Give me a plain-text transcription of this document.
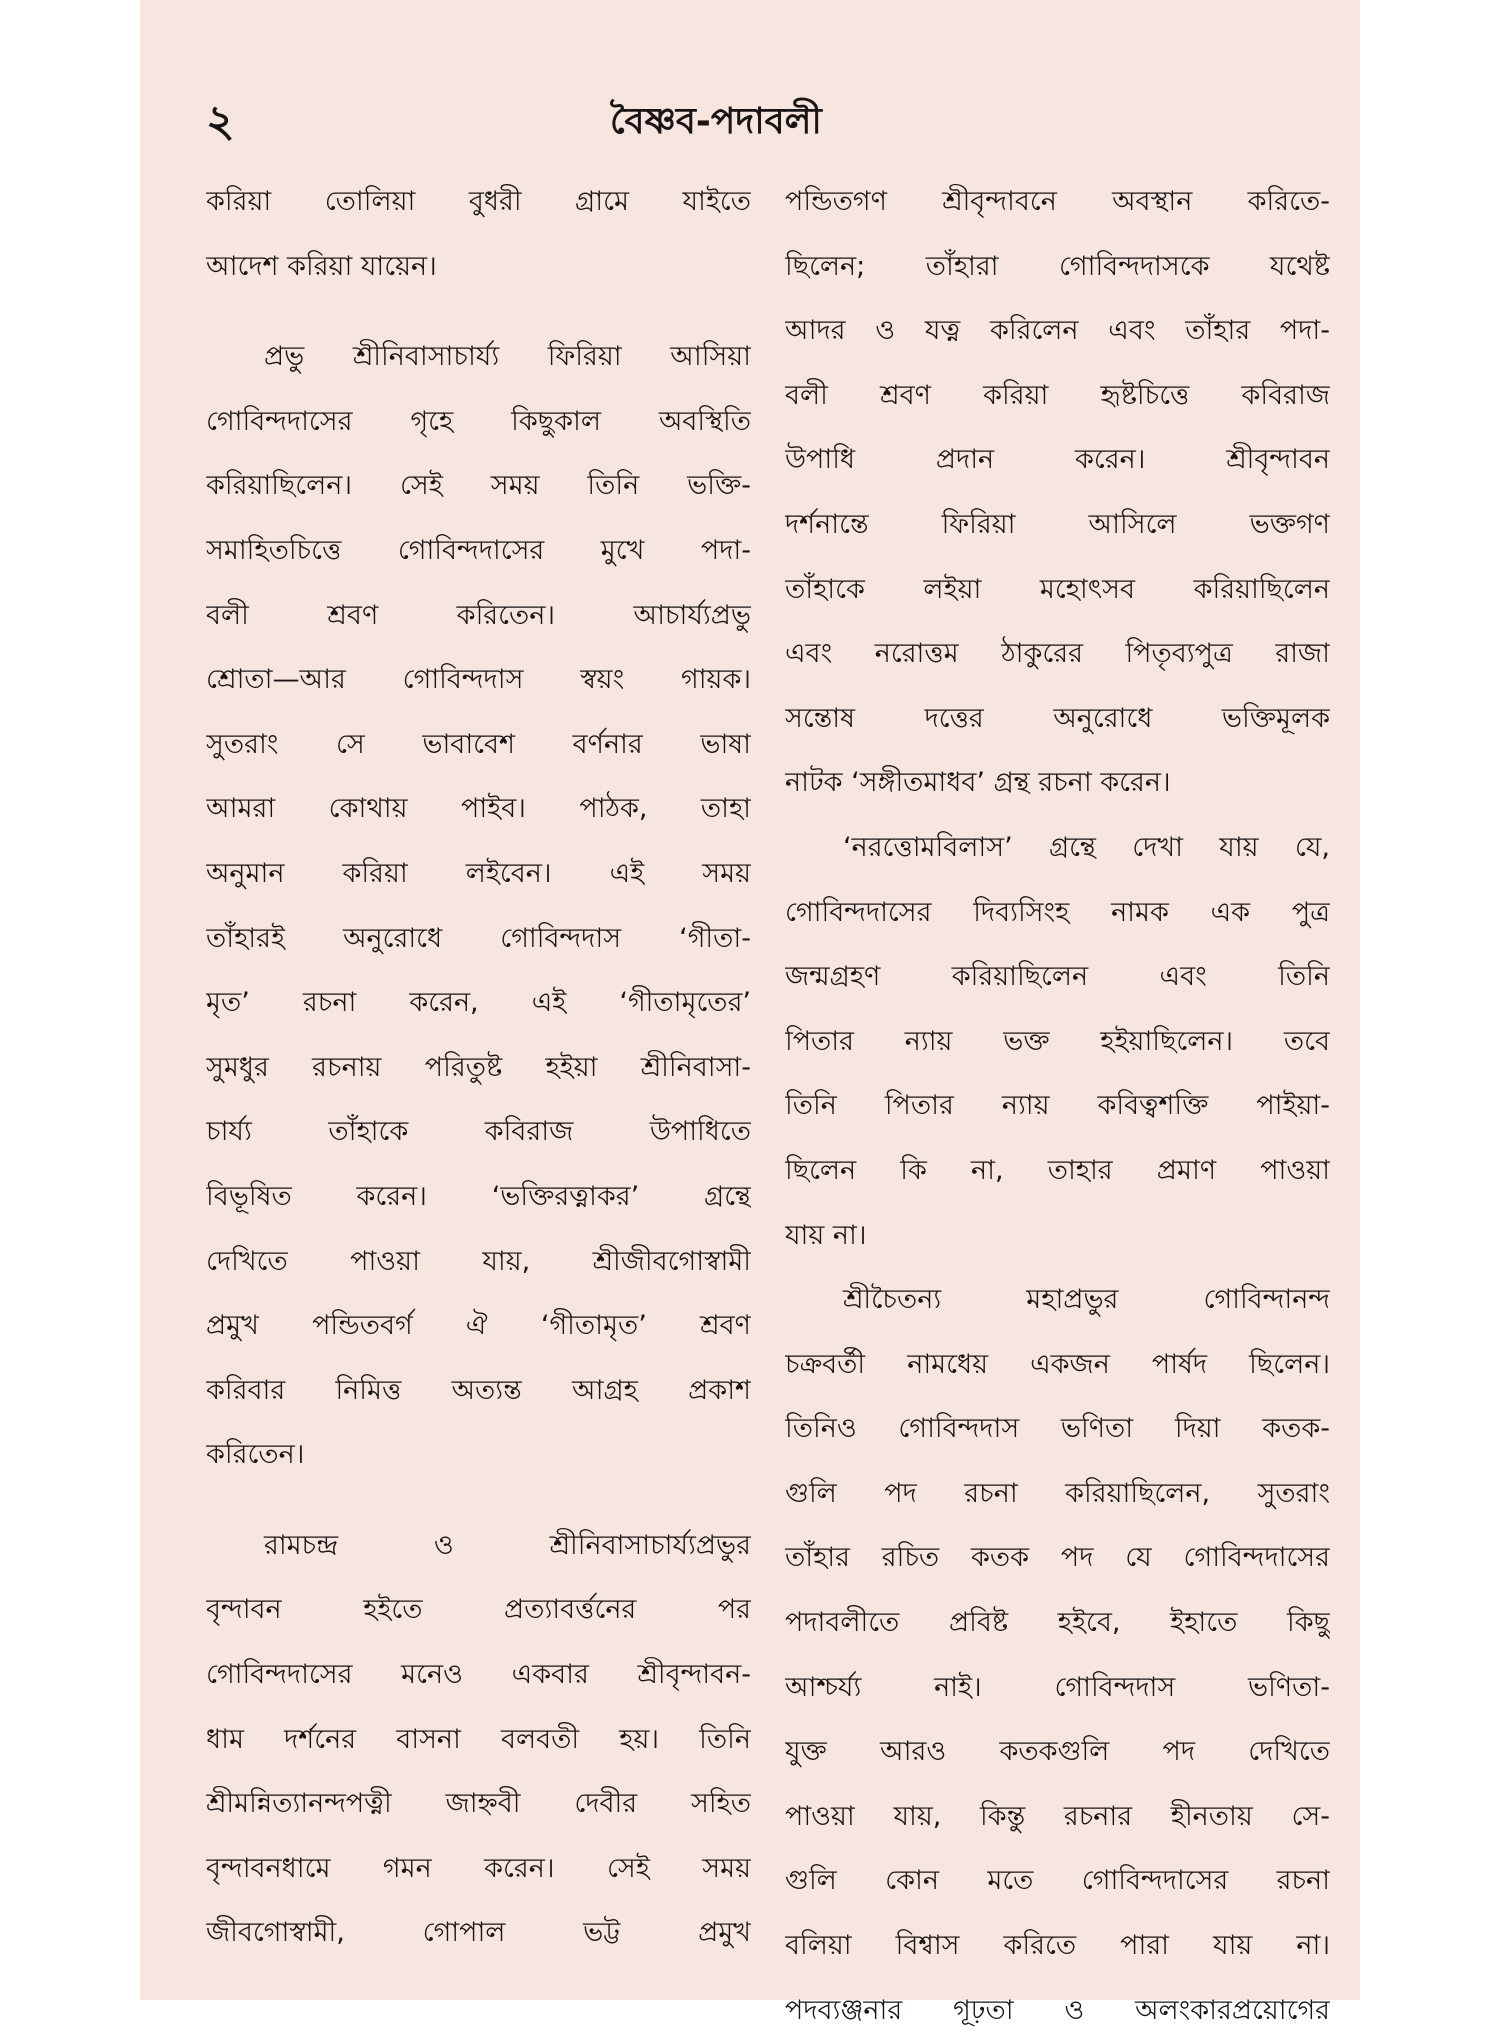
২	বৈষ্ণব-পদাবলী
করিয়া তোলিয়া বুধরী গ্রামে যাইতে
আদেশ করিয়া যায়েন।
প্রভু শ্রীনিবাসাচার্য্য ফিরিয়া আসিয়া
গোবিন্দদাসের গৃহে কিছুকাল অবস্থিতি
করিয়াছিলেন। সেই সময় তিনি ভক্তি-
সমাহিতচিত্তে গোবিন্দদাসের মুখে পদা-
বলী শ্রবণ করিতেন। আচার্য্যপ্রভু
শ্রোতা—আর গোবিন্দদাস স্বয়ং গায়ক।
সুতরাং সে ভাবাবেশ বর্ণনার ভাষা
আমরা কোথায় পাইব। পাঠক, তাহা
অনুমান করিয়া লইবেন। এই সময়
তাঁহারই অনুরোধে গোবিন্দদাস ‘গীতা-
মৃত’ রচনা করেন, এই ‘গীতামৃতের’
সুমধুর রচনায় পরিতুষ্ট হইয়া শ্রীনিবাসা-
চার্য্য তাঁহাকে কবিরাজ উপাধিতে
বিভূষিত করেন। ‘ভক্তিরত্নাকর’ গ্রন্থে
দেখিতে পাওয়া যায়, শ্রীজীবগোস্বামী
প্রমুখ পন্ডিতবর্গ ঐ ‘গীতামৃত’ শ্রবণ
করিবার নিমিত্ত অত্যন্ত আগ্রহ প্রকাশ
করিতেন।
রামচন্দ্র ও শ্রীনিবাসাচার্য্যপ্রভুর
বৃন্দাবন হইতে প্রত্যাবর্ত্তনের পর
গোবিন্দদাসের মনেও একবার শ্রীবৃন্দাবন-
ধাম দর্শনের বাসনা বলবতী হয়। তিনি
শ্রীমন্নিত্যানন্দপত্নী জাহ্নবী দেবীর সহিত
বৃন্দাবনধামে গমন করেন। সেই সময়
জীবগোস্বামী, গোপাল ভট্ট প্রমুখ
পন্ডিতগণ শ্রীবৃন্দাবনে অবস্থান করিতে-
ছিলেন; তাঁহারা গোবিন্দদাসকে যথেষ্ট
আদর ও যত্ন করিলেন এবং তাঁহার পদা-
বলী শ্রবণ করিয়া হৃষ্টচিত্তে কবিরাজ
উপাধি প্রদান করেন। শ্রীবৃন্দাবন
দর্শনান্তে ফিরিয়া আসিলে ভক্তগণ
তাঁহাকে লইয়া মহোৎসব করিয়াছিলেন
এবং নরোত্তম ঠাকুরের পিতৃব্যপুত্র রাজা
সন্তোষ দত্তের অনুরোধে ভক্তিমূলক
নাটক ‘সঙ্গীতমাধব’ গ্রন্থ রচনা করেন।
‘নরত্তোমবিলাস’ গ্রন্থে দেখা যায় যে,
গোবিন্দদাসের দিব্যসিংহ নামক এক পুত্র
জন্মগ্রহণ করিয়াছিলেন এবং তিনি
পিতার ন্যায় ভক্ত হইয়াছিলেন। তবে
তিনি পিতার ন্যায় কবিত্বশক্তি পাইয়া-
ছিলেন কি না, তাহার প্রমাণ পাওয়া
যায় না।
শ্রীচৈতন্য মহাপ্রভুর গোবিন্দানন্দ
চক্রবর্তী নামধেয় একজন পার্ষদ ছিলেন।
তিনিও গোবিন্দদাস ভণিতা দিয়া কতক-
গুলি পদ রচনা করিয়াছিলেন, সুতরাং
তাঁহার রচিত কতক পদ যে গোবিন্দদাসের
পদাবলীতে প্রবিষ্ট হইবে, ইহাতে কিছু
আশ্চর্য্য নাই। গোবিন্দদাস ভণিতা-
যুক্ত আরও কতকগুলি পদ দেখিতে
পাওয়া যায়, কিন্তু রচনার হীনতায় সে-
গুলি কোন মতে গোবিন্দদাসের রচনা
বলিয়া বিশ্বাস করিতে পারা যায় না।
পদব্যঞ্জনার গূঢ়তা ও অলংকারপ্রয়োগের
